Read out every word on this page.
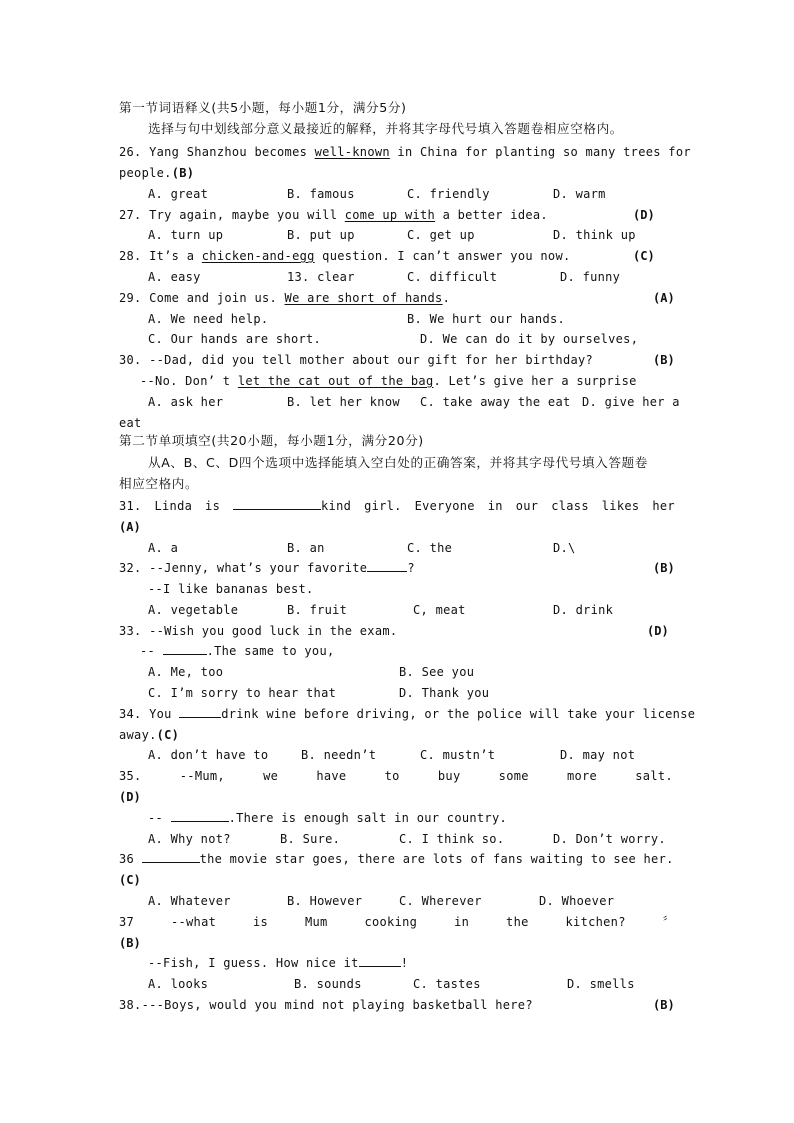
第一节词语释义(共5小题，每小题1分，满分5分)
选择与句中划线部分意义最接近的解释，并将其字母代号填入答题卷相应空格内。
26. Yang Shanzhou becomes well-known in China for planting so many trees for
people.(B)
A. great	B. famous	C. friendly	D. warm
27. Try again, maybe you will come up with a better idea.	(D)
A. turn up	B. put up	C. get up	D. think up
28. It’s a chicken-and-egg question. I can’t answer you now.	(C)
A. easy	13. clear	C. difficult	D. funny
29. Come and join us. We are short of hands.	(A)
A. We need help.	B. We hurt our hands.
C. Our hands are short.	D. We can do it by ourselves,
30. --Dad, did you tell mother about our gift for her birthday?	(B)
--No. Don’ t let the cat out of the bag. Let’s give her a surprise
A. ask her	B. let her know C. take away the eat D. give her a
eat
第二节单项填空(共20小题，每小题1分，满分20分)
从A、B、C、D四个选项中选择能填入空白处的正确答案，并将其字母代号填入答题卷
相应空格内。
31. Linda is	kind girl. Everyone in our class likes her
(A)
A. a	B. an	C. the	D.\
32. --Jenny, what’s your favorite	?	(B)
--I like bananas best.
A. vegetable	B. fruit	C, meat	D. drink
33. --Wish you good luck in the exam.	(D)
--	.The same to you,
A. Me, too	B. See you
C. I’m sorry to hear that	D. Thank you
34. You	drink wine before driving, or the police will take your license
away.(C)
A. don’t have to	B. needn’t	C. mustn’t	D. may not
35.	--Mum,	we	have	to	buy	some	more	salt.
(D)
--	.There is enough salt in our country.
A. Why not?	B. Sure.	C. I think so.	D. Don’t worry.
36	the movie star goes, there are lots of fans waiting to see her.
(C)
A. Whatever	B. However	C. Wherever	D. Whoever
37	--what	is	Mum	cooking	in	the	kitchen?	〞
(B)
--Fish, I guess. How nice it	!
A. looks	B. sounds	C. tastes	D. smells
38.---Boys, would you mind not playing basketball here?	(B)
